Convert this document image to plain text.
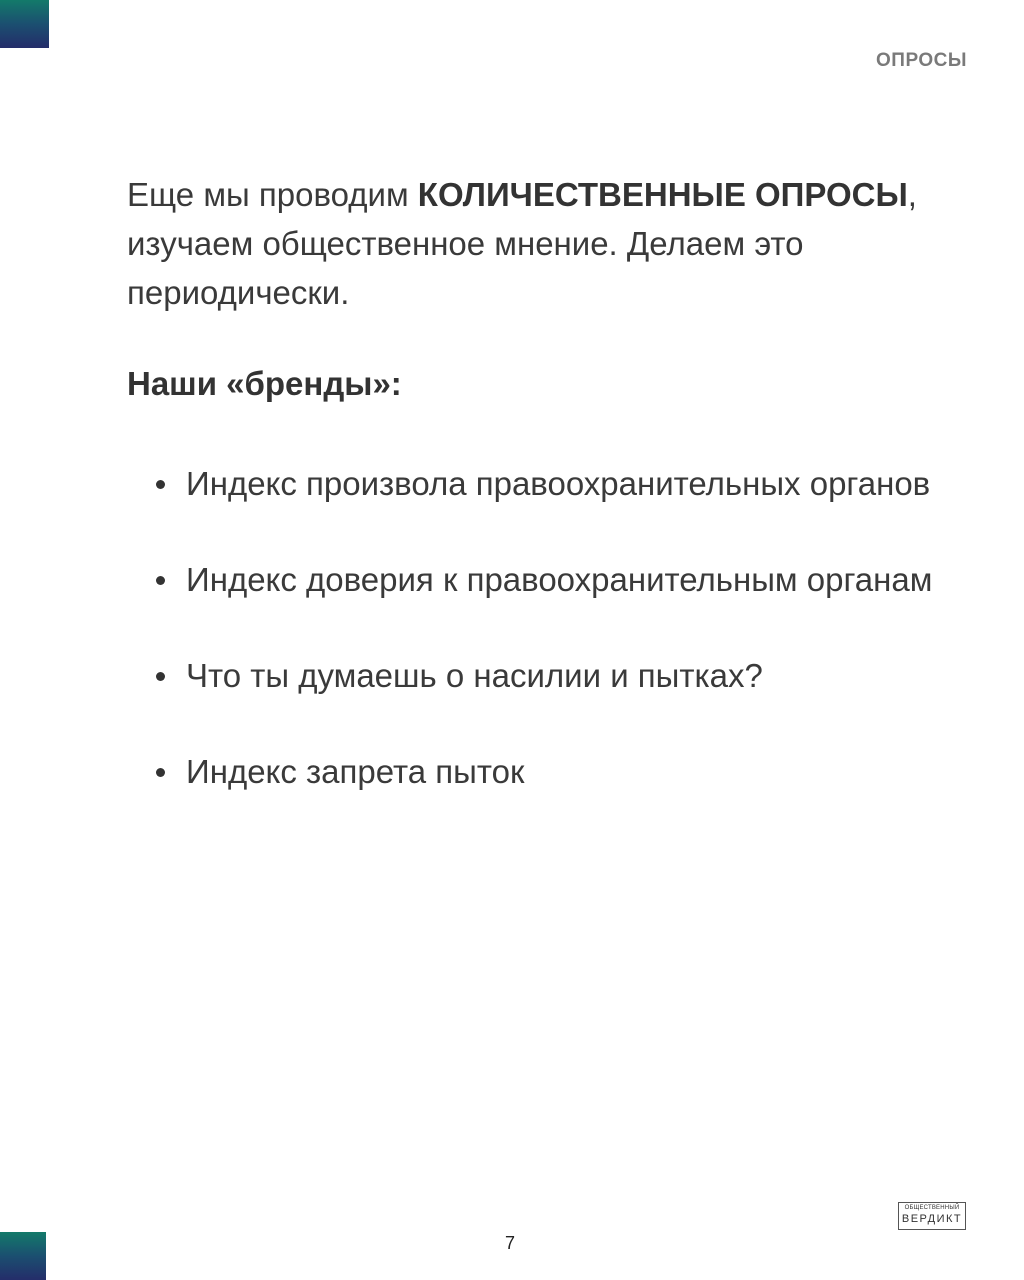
ОПРОСЫ

Еще мы проводим КОЛИЧЕСТВЕННЫЕ ОПРОСЫ, изучаем общественное мнение. Делаем это периодически.

Наши «бренды»:
Индекс произвола правоохранительных органов
Индекс доверия к правоохранительным органам
Что ты думаешь о насилии и пытках?
Индекс запрета пыток
ОБЩЕСТВЕННЫЙ
ВЕРДИКТ
7
